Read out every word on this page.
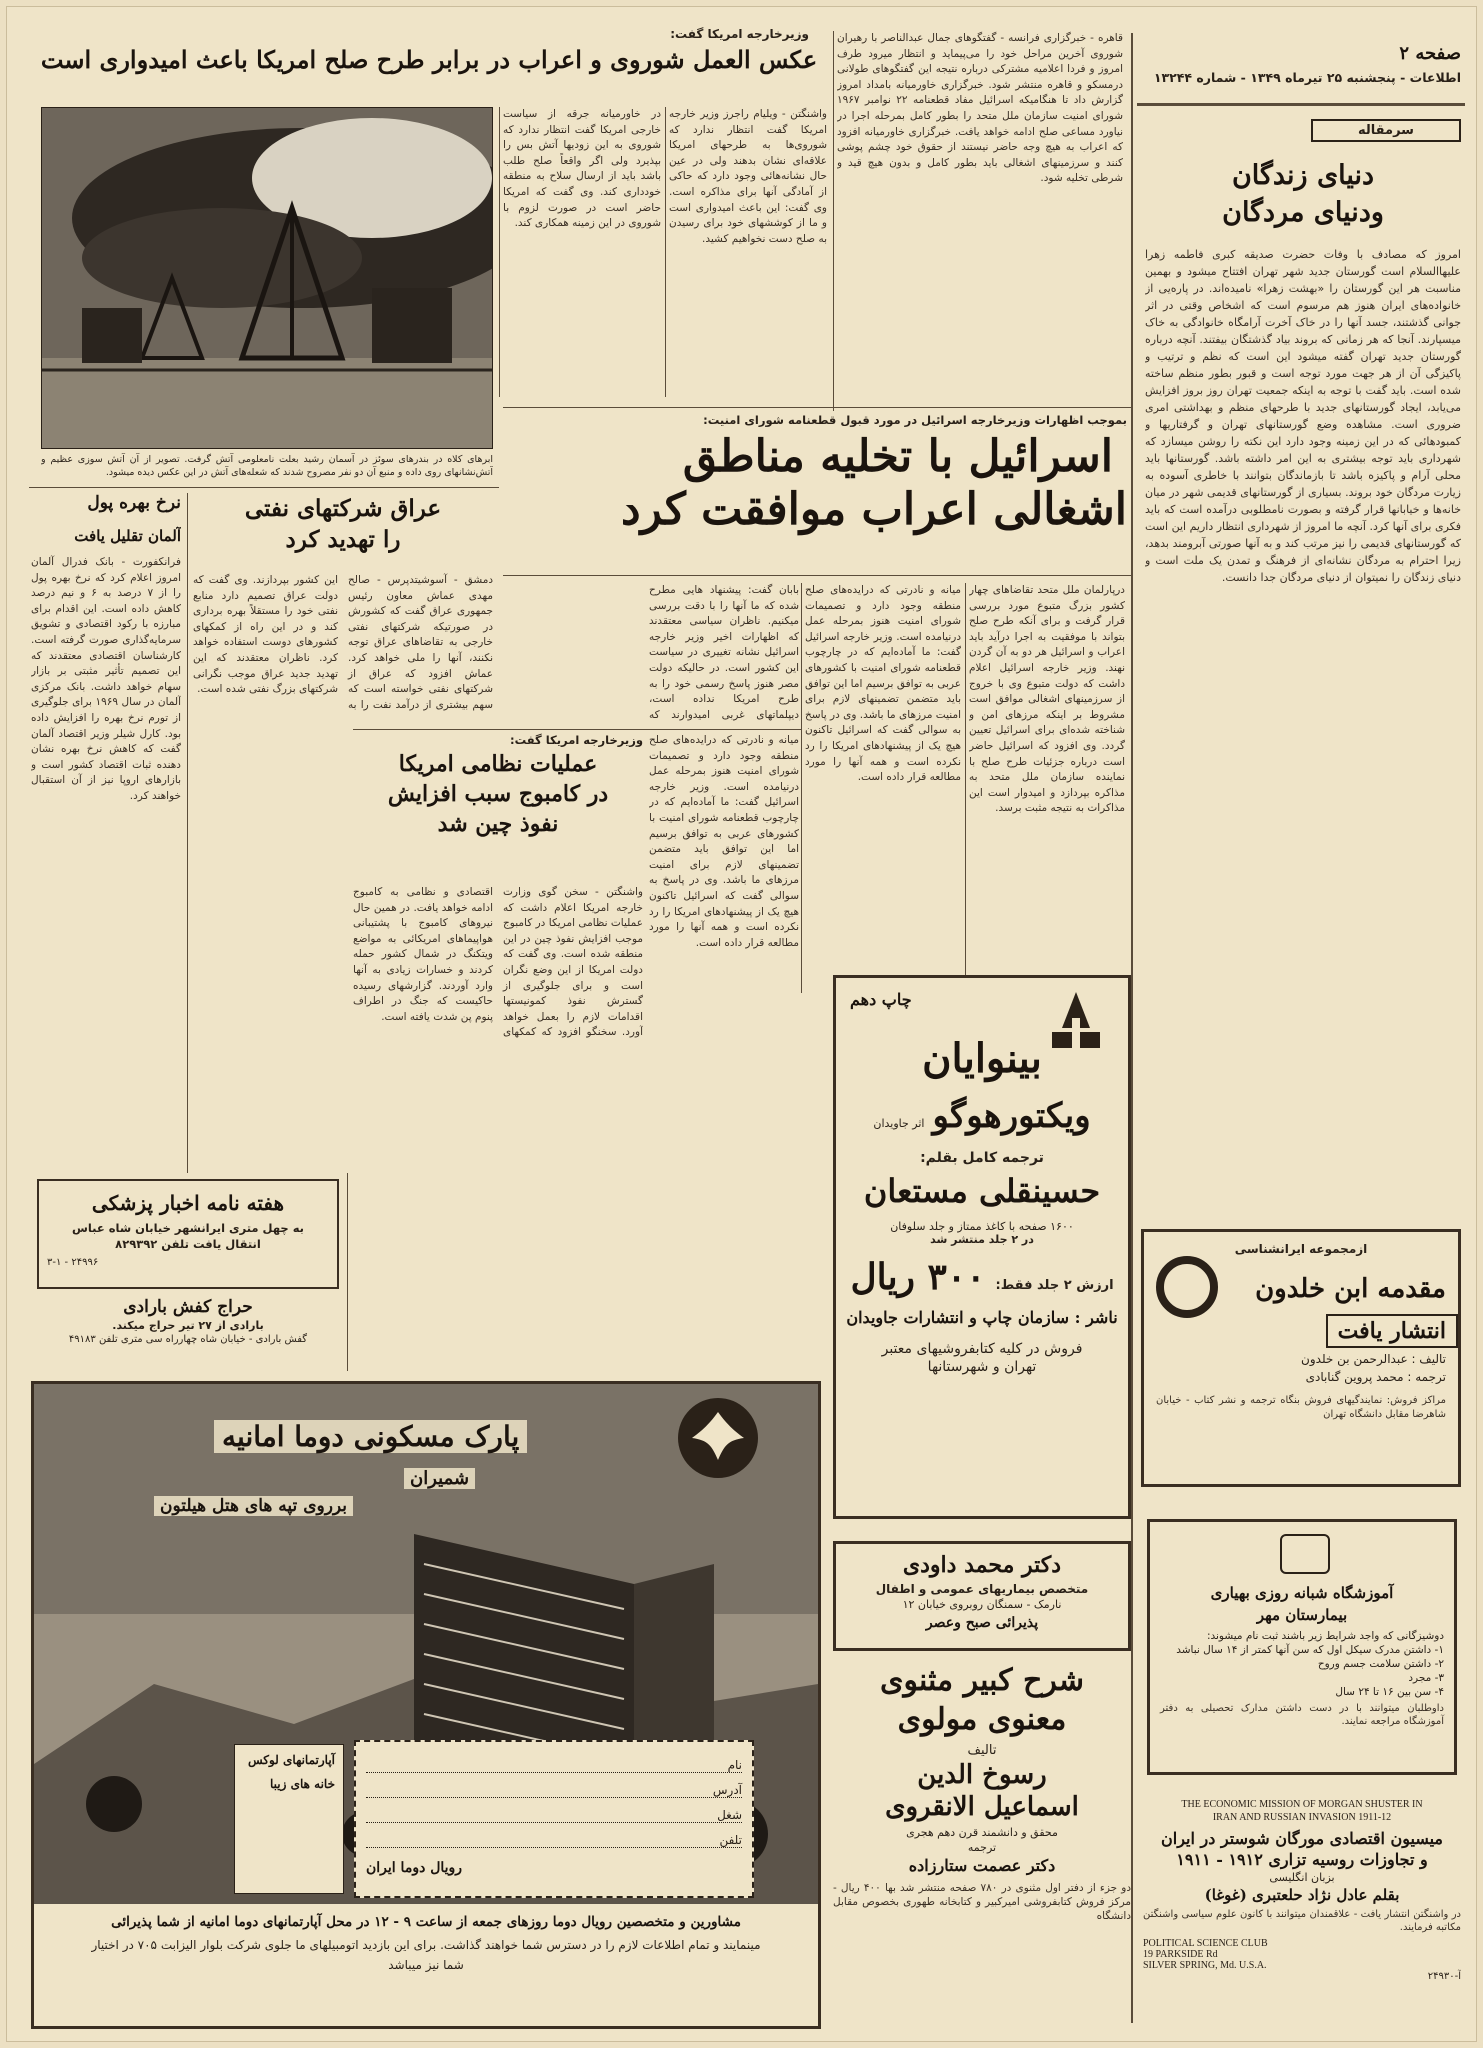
صفحه ۲
اطلاعات - پنجشنبه ۲۵ تیرماه ۱۳۴۹ - شماره ۱۳۲۴۴
سرمقاله
دنیای زندگان
ودنیای مردگان
امروز که مصادف با وفات حضرت صدیقه کبری فاطمه زهرا علیهاالسلام است گورستان جدید شهر تهران افتتاح میشود و بهمین مناسبت هر این گورستان را «بهشت زهرا» نامیده‌اند. در پاره‌یی از خانواده‌های ایران هنوز هم مرسوم است که اشخاص وقتی در اثر جوانی گذشتند، جسد آنها را در خاک آخرت آرامگاه خانوادگی به خاک میسپارند. آنجا که هر زمانی که بروند بیاد گذشتگان بیفتند. آنچه درباره گورستان جدید تهران گفته میشود این است که نظم و ترتیب و پاکیزگی آن از هر جهت مورد توجه است و قبور بطور منظم ساخته شده است. باید گفت با توجه به اینکه جمعیت تهران روز بروز افزایش می‌یابد، ایجاد گورستانهای جدید با طرحهای منظم و بهداشتی امری ضروری است. مشاهده وضع گورستانهای تهران و گرفتاریها و کمبودهائی که در این زمینه وجود دارد این نکته را روشن میسازد که شهرداری باید توجه بیشتری به این امر داشته باشد. گورستانها باید محلی آرام و پاکیزه باشد تا بازماندگان بتوانند با خاطری آسوده به زیارت مردگان خود بروند. بسیاری از گورستانهای قدیمی شهر در میان خانه‌ها و خیابانها قرار گرفته و بصورت نامطلوبی درآمده است که باید فکری برای آنها کرد. آنچه ما امروز از شهرداری انتظار داریم این است که گورستانهای قدیمی را نیز مرتب کند و به آنها صورتی آبرومند بدهد، زیرا احترام به مردگان نشانه‌ای از فرهنگ و تمدن یک ملت است و دنیای زندگان را نمیتوان از دنیای مردگان جدا دانست.
ازمجموعه ایرانشناسی
مقدمه ابن خلدون
انتشار یافت
تالیف : عبدالرحمن بن خلدون
ترجمه : محمد پروین گنابادی
مراکز فروش: نمایندگیهای فروش بنگاه ترجمه و نشر کتاب - خیابان شاهرضا مقابل دانشگاه تهران
آموزشگاه شبانه روزی بهیاری
بیمارستان مهر
دوشیزگانی که واجد شرایط زیر باشند ثبت نام میشوند:
۱- داشتن مدرک سیکل اول که سن آنها کمتر از ۱۴ سال نباشد
۲- داشتن سلامت جسم وروح
۳- مجرد
۴- سن بین ۱۶ تا ۲۴ سال
داوطلبان میتوانند با در دست داشتن مدارک تحصیلی به دفتر آموزشگاه مراجعه نمایند.
THE ECONOMIC MISSION OF MORGAN SHUSTER IN
IRAN AND RUSSIAN INVASION 1911-12
میسیون اقتصادی مورگان شوستر در ایران
و تجاوزات روسیه تزاری ۱۹۱۲ - ۱۹۱۱
بزبان انگلیسی
بقلم عادل نژاد حلعتبری (غوغا)
در واشنگتن انتشار یافت - علاقمندان میتوانند با کانون علوم سیاسی واشنگتن مکاتبه فرمایند.
POLITICAL SCIENCE CLUB
19 PARKSIDE Rd
SILVER SPRING, Md. U.S.A.
آ-۲۴۹۳۰
وزیرخارجه امریکا گفت:
عکس العمل شوروی و اعراب در برابر طرح صلح امریکا باعث امیدواری است
ابرهای کلاه در بندرهای سوئز در آسمان رشید بعلت نامعلومی آتش گرفت. تصویر از آن آتش سوزی عظیم و آتش‌نشانهای روی داده و منبع آن دو نفر مصروح شدند که شعله‌های آتش در این عکس دیده میشود.
واشنگتن - ویلیام راجرز وزیر خارجه امریکا گفت انتظار ندارد که شوروی‌ها به طرحهای امریکا علاقه‌ای نشان بدهند ولی در عین حال نشانه‌هائی وجود دارد که حاکی از آمادگی آنها برای مذاکره است. وی گفت: این باعث امیدواری است و ما از کوششهای خود برای رسیدن به صلح دست نخواهیم کشید.
در خاورمیانه جرقه از سیاست خارجی امریکا گفت انتظار ندارد که شوروی به این زودیها آتش بس را بپذیرد ولی اگر واقعاً صلح طلب باشد باید از ارسال سلاح به منطقه خودداری کند. وی گفت که امریکا حاضر است در صورت لزوم با شوروی در این زمینه همکاری کند.
قاهره - خبرگزاری فرانسه - گفتگوهای جمال عبدالناصر با رهبران شوروی آخرین مراحل خود را می‌پیماید و انتظار میرود طرف امروز و فردا اعلامیه مشترکی درباره نتیجه این گفتگوهای طولانی درمسکو و قاهره منتشر شود. خبرگزاری خاورمیانه بامداد امروز گزارش داد تا هنگامیکه اسرائیل مفاد قطعنامه ۲۲ نوامبر ۱۹۶۷ شورای امنیت سازمان ملل متحد را بطور کامل بمرحله اجرا در نیاورد مساعی صلح ادامه خواهد یافت. خبرگزاری خاورمیانه افزود که اعراب به هیچ وجه حاضر نیستند از حقوق خود چشم پوشی کنند و سرزمینهای اشغالی باید بطور کامل و بدون هیچ قید و شرطی تخلیه شود.
بموجب اظهارات وزیرخارجه اسرائیل در مورد قبول قطعنامه شورای امنیت:
اسرائیل با تخلیه مناطق
اشغالی اعراب موافقت کرد
درپارلمان ملل متحد تقاضاهای چهار کشور بزرگ متبوع مورد بررسی قرار گرفت و برای آنکه طرح صلح بتواند با موفقیت به اجرا درآید باید اعراب و اسرائیل هر دو به آن گردن نهند. وزیر خارجه اسرائیل اعلام داشت که دولت متبوع وی با خروج از سرزمینهای اشغالی موافق است مشروط بر اینکه مرزهای امن و شناخته شده‌ای برای اسرائیل تعیین گردد. وی افزود که اسرائیل حاضر است درباره جزئیات طرح صلح با نماینده سازمان ملل متحد به مذاکره بپردازد و امیدوار است این مذاکرات به نتیجه مثبت برسد.
میانه و نادرتی که درایده‌های صلح منطقه وجود دارد و تصمیمات شورای امنیت هنوز بمرحله عمل درنیامده است. وزیر خارجه اسرائیل گفت: ما آماده‌ایم که در چارچوب قطعنامه شورای امنیت با کشورهای عربی به توافق برسیم اما این توافق باید متضمن تضمینهای لازم برای امنیت مرزهای ما باشد. وی در پاسخ به سوالی گفت که اسرائیل تاکنون هیچ یک از پیشنهادهای امریکا را رد نکرده است و همه آنها را مورد مطالعه قرار داده است.
بابان گفت: پیشنهاد هایی مطرح شده که ما آنها را با دقت بررسی میکنیم. ناظران سیاسی معتقدند که اظهارات اخیر وزیر خارجه اسرائیل نشانه تغییری در سیاست این کشور است. در حالیکه دولت مصر هنوز پاسخ رسمی خود را به طرح امریکا نداده است، دیپلماتهای غربی امیدوارند که
نرخ بهره پول
آلمان تقلیل یافت
فرانکفورت - بانک فدرال آلمان امروز اعلام کرد که نرخ بهره پول را از ۷ درصد به ۶ و نیم درصد کاهش داده است. این اقدام برای مبارزه با رکود اقتصادی و تشویق سرمایه‌گذاری صورت گرفته است. کارشناسان اقتصادی معتقدند که این تصمیم تأثیر مثبتی بر بازار سهام خواهد داشت. بانک مرکزی آلمان در سال ۱۹۶۹ برای جلوگیری از تورم نرخ بهره را افزایش داده بود. کارل شیلر وزیر اقتصاد آلمان گفت که کاهش نرخ بهره نشان دهنده ثبات اقتصاد کشور است و بازارهای اروپا نیز از آن استقبال خواهند کرد.
عراق شرکتهای نفتی
را تهدید کرد
دمشق - آسوشیتدپرس - صالح مهدی عماش معاون رئیس جمهوری عراق گفت که کشورش در صورتیکه شرکتهای نفتی خارجی به تقاضاهای عراق توجه نکنند، آنها را ملی خواهد کرد. عماش افزود که عراق از شرکتهای نفتی خواسته است که سهم بیشتری از درآمد نفت را به این کشور بپردازند. وی گفت که دولت عراق تصمیم دارد منابع نفتی خود را مستقلاً بهره برداری کند و در این راه از کمکهای کشورهای دوست استفاده خواهد کرد. ناظران معتقدند که این تهدید جدید عراق موجب نگرانی شرکتهای بزرگ نفتی شده است.
وزیرخارجه امریکا گفت:
عملیات نظامی امریکا
در کامبوج سبب افزایش
نفوذ چین شد
واشنگتن - سخن گوی وزارت خارجه امریکا اعلام داشت که عملیات نظامی امریکا در کامبوج موجب افزایش نفوذ چین در این منطقه شده است. وی گفت که دولت امریکا از این وضع نگران است و برای جلوگیری از گسترش نفوذ کمونیستها اقدامات لازم را بعمل خواهد آورد. سخنگو افزود که کمکهای اقتصادی و نظامی به کامبوج ادامه خواهد یافت. در همین حال نیروهای کامبوج با پشتیبانی هواپیماهای امریکائی به مواضع ویتکنگ در شمال کشور حمله کردند و خسارات زیادی به آنها وارد آوردند. گزارشهای رسیده حاکیست که جنگ در اطراف پنوم پن شدت یافته است.
میانه و نادرتی که درایده‌های صلح منطقه وجود دارد و تصمیمات شورای امنیت هنوز بمرحله عمل درنیامده است. وزیر خارجه اسرائیل گفت: ما آماده‌ایم که در چارچوب قطعنامه شورای امنیت با کشورهای عربی به توافق برسیم اما این توافق باید متضمن تضمینهای لازم برای امنیت مرزهای ما باشد. وی در پاسخ به سوالی گفت که اسرائیل تاکنون هیچ یک از پیشنهادهای امریکا را رد نکرده است و همه آنها را مورد مطالعه قرار داده است.
هفته نامه اخبار پزشکی
به چهل متری ایرانشهر خیابان شاه عباس
انتقال یافت تلفن ۸۲۹۳۹۲
۲۴۹۹۶ - ۳-۱
حراج کفش بارادی
بارادی از ۲۷ تیر حراج میکند.
گفش بارادی - خیابان شاه چهارراه سی متری تلفن ۴۹۱۸۳
چاپ دهم
بینوایان
ویکتورهوگو
اثر جاویدان
ترجمه کامل بقلم:
حسینقلی مستعان
۱۶۰۰ صفحه با کاغذ ممتاز و جلد سلوفان
در ۲ جلد منتشر شد
ارزش ۲ جلد فقط:
۳۰۰ ریال
ناشر : سازمان چاپ و انتشارات جاویدان
فروش در کلیه کتابفروشیهای معتبر
تهران و شهرستانها
دکتر محمد داودی
متخصص بیماریهای عمومی و اطفال
نارمک - سمنگان روبروی خیابان ۱۲
پذیرائی صبح وعصر
شرح کبیر مثنوی
معنوی مولوی
تالیف
رسوخ الدین
اسماعیل الانقروی
محقق و دانشمند قرن دهم هجری
ترجمه
دکتر عصمت ستارزاده
دو جزء از دفتر اول مثنوی در ۷۸۰ صفحه منتشر شد بها ۴۰۰ ریال - مرکز فروش کتابفروشی امیرکبیر و کتابخانه طهوری بخصوص مقابل دانشگاه
پارک مسکونی دوما امانیه
شمیران
برروی تپه های هتل هیلتون
نام
آدرس
شغل
تلفن
رویال دوما ایران
آپارتمانهای لوکس
خانه های زیبا
مشاورین و متخصصین رویال دوما روزهای جمعه از ساعت ۹ - ۱۲ در محل آپارتمانهای دوما امانیه از شما پذیرائی
مینمایند و تمام اطلاعات لازم را در دسترس شما خواهند گذاشت. برای این بازدید اتومبیلهای ما جلوی شرکت بلوار الیزابت ۷۰۵ در اختیار
شما نیز میباشد
